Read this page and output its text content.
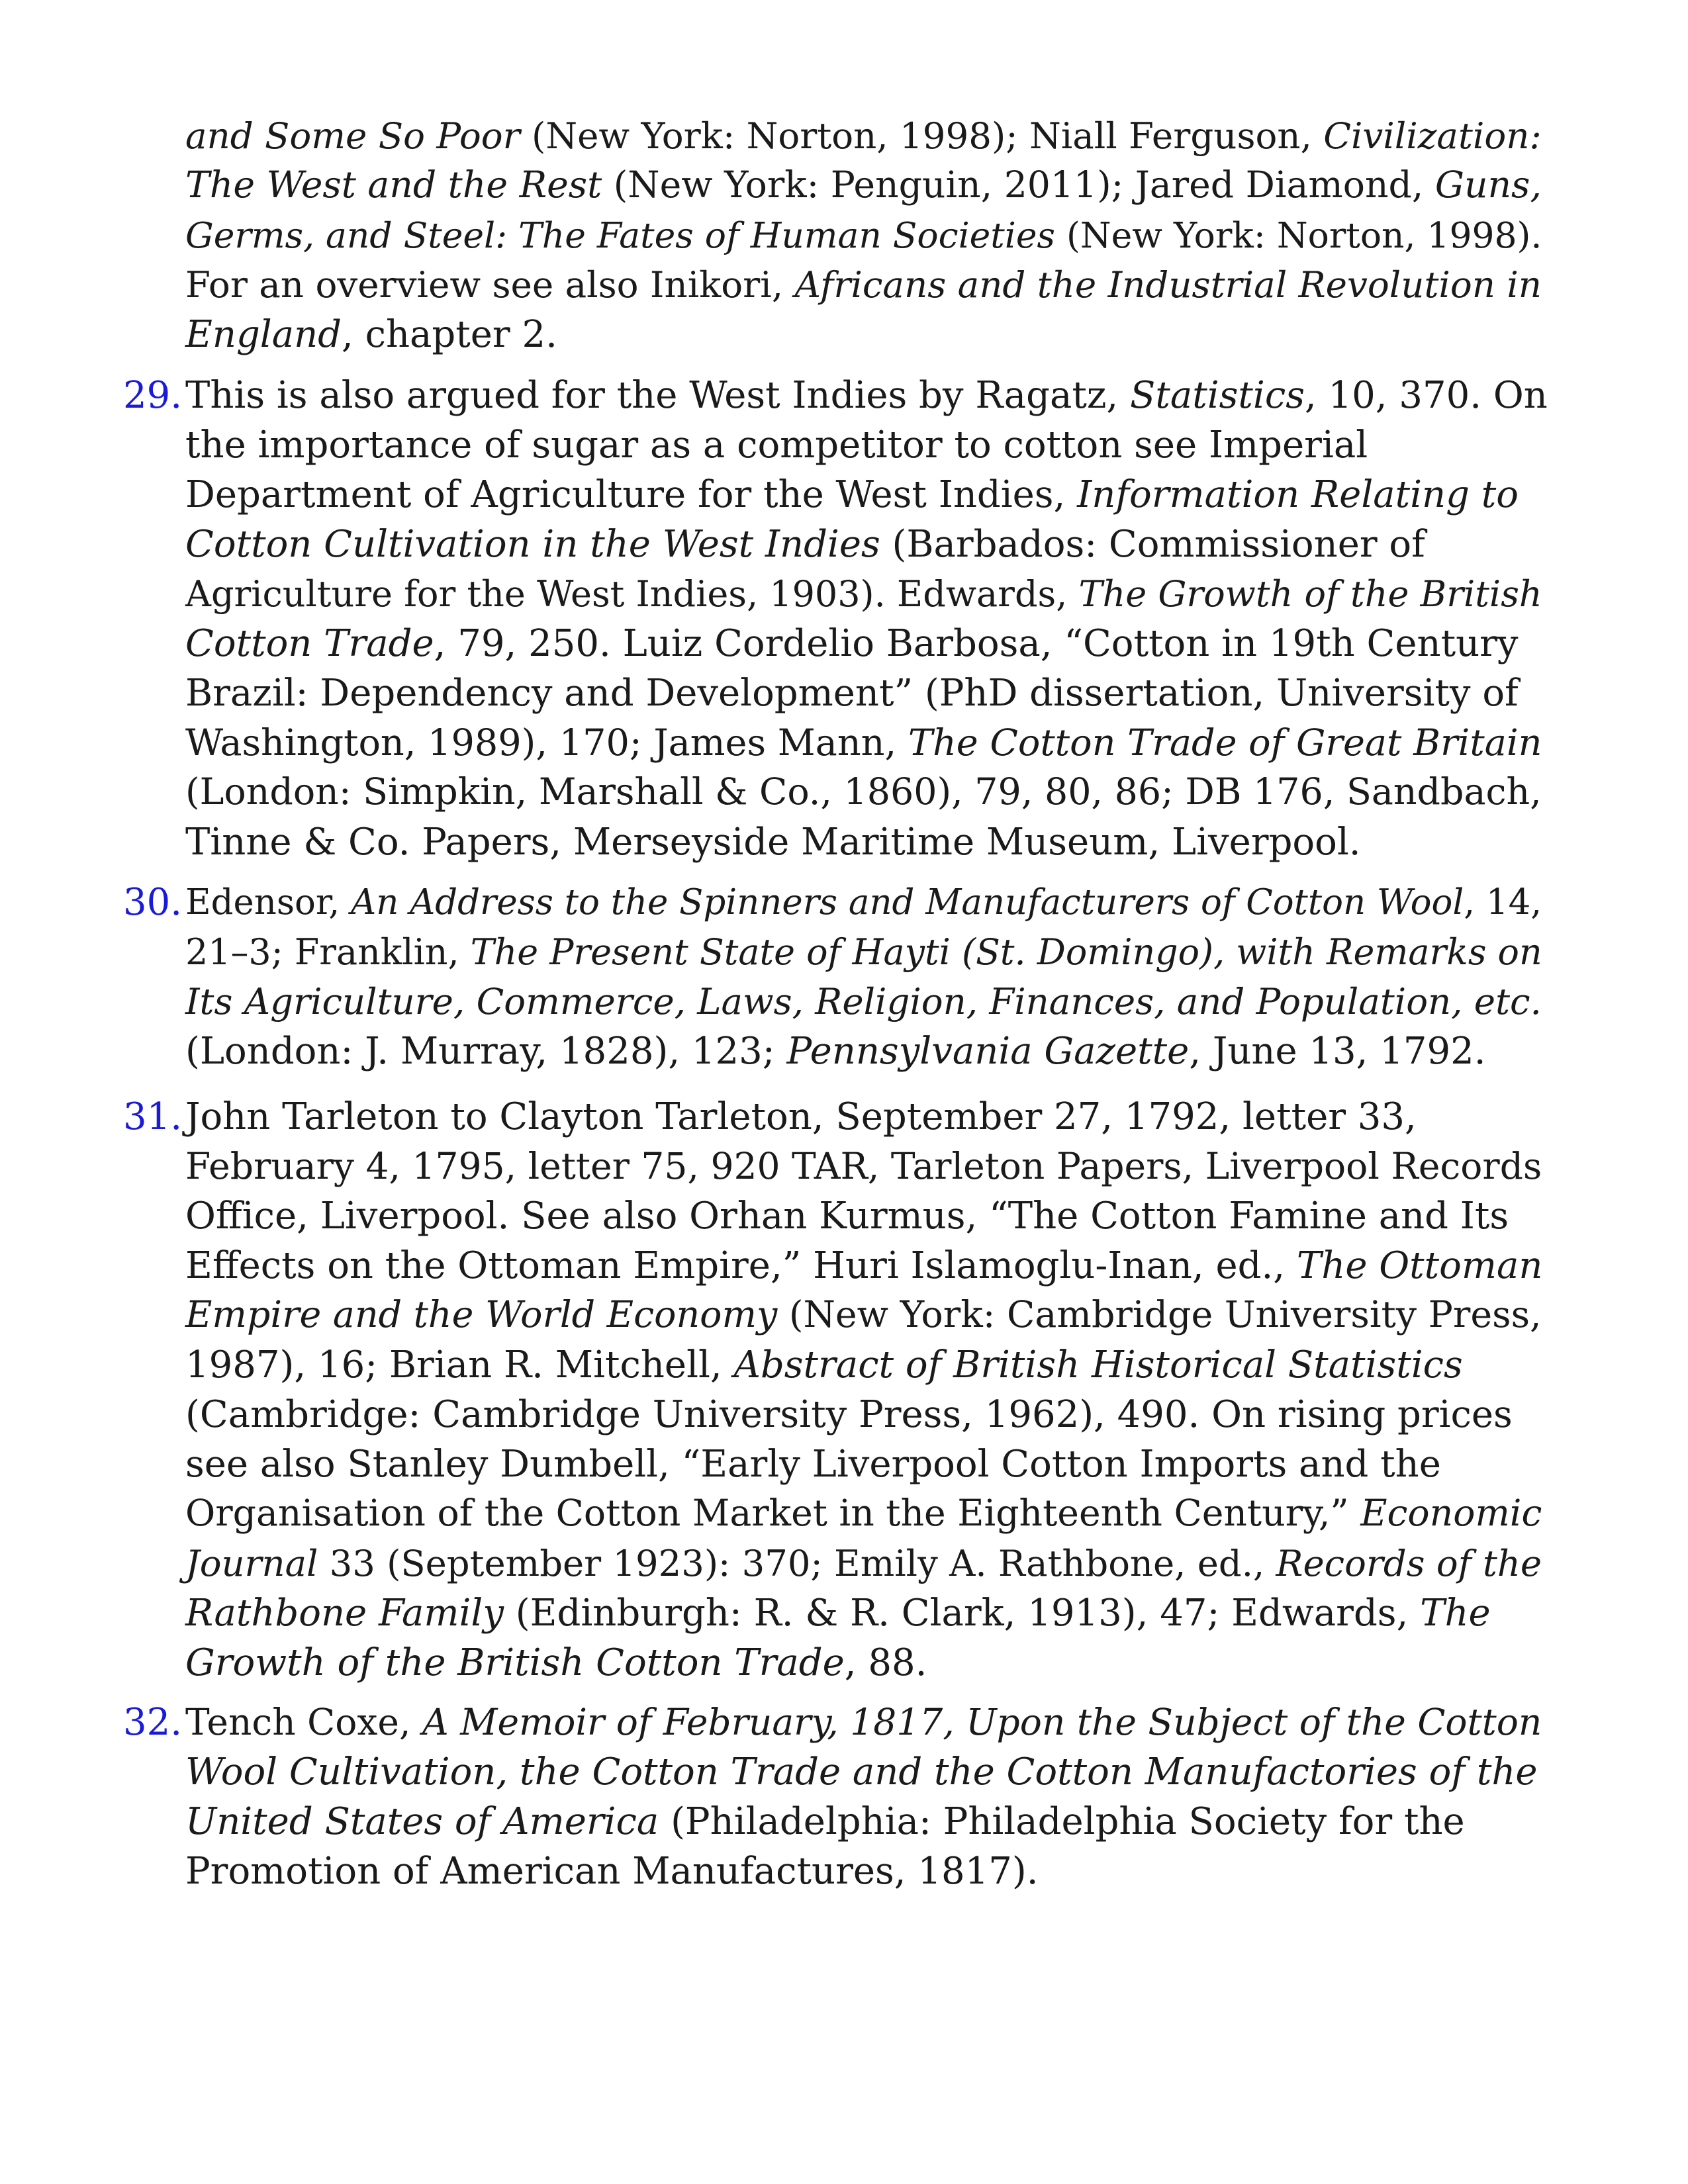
and Some So Poor (New York: Norton, 1998); Niall Ferguson, Civilization:
The West and the Rest (New York: Penguin, 2011); Jared Diamond, Guns,
Germs, and Steel: The Fates of Human Societies (New York: Norton, 1998).
For an overview see also Inikori, Africans and the Industrial Revolution in
England, chapter 2.
29. This is also argued for the West Indies by Ragatz, Statistics, 10, 370. On
the importance of sugar as a competitor to cotton see Imperial
Department of Agriculture for the West Indies, Information Relating to
Cotton Cultivation in the West Indies (Barbados: Commissioner of
Agriculture for the West Indies, 1903). Edwards, The Growth of the British
Cotton Trade, 79, 250. Luiz Cordelio Barbosa, “Cotton in 19th Century
Brazil: Dependency and Development” (PhD dissertation, University of
Washington, 1989), 170; James Mann, The Cotton Trade of Great Britain
(London: Simpkin, Marshall & Co., 1860), 79, 80, 86; DB 176, Sandbach,
Tinne & Co. Papers, Merseyside Maritime Museum, Liverpool.
30. Edensor, An Address to the Spinners and Manufacturers of Cotton Wool, 14,
21–3; Franklin, The Present State of Hayti (St. Domingo), with Remarks on
Its Agriculture, Commerce, Laws, Religion, Finances, and Population, etc.
(London: J. Murray, 1828), 123; Pennsylvania Gazette, June 13, 1792.
31. John Tarleton to Clayton Tarleton, September 27, 1792, letter 33,
February 4, 1795, letter 75, 920 TAR, Tarleton Papers, Liverpool Records
Office, Liverpool. See also Orhan Kurmus, “The Cotton Famine and Its
Effects on the Ottoman Empire,” Huri Islamoglu-Inan, ed., The Ottoman
Empire and the World Economy (New York: Cambridge University Press,
1987), 16; Brian R. Mitchell, Abstract of British Historical Statistics
(Cambridge: Cambridge University Press, 1962), 490. On rising prices
see also Stanley Dumbell, “Early Liverpool Cotton Imports and the
Organisation of the Cotton Market in the Eighteenth Century,” Economic
Journal 33 (September 1923): 370; Emily A. Rathbone, ed., Records of the
Rathbone Family (Edinburgh: R. & R. Clark, 1913), 47; Edwards, The
Growth of the British Cotton Trade, 88.
32. Tench Coxe, A Memoir of February, 1817, Upon the Subject of the Cotton
Wool Cultivation, the Cotton Trade and the Cotton Manufactories of the
United States of America (Philadelphia: Philadelphia Society for the
Promotion of American Manufactures, 1817).
